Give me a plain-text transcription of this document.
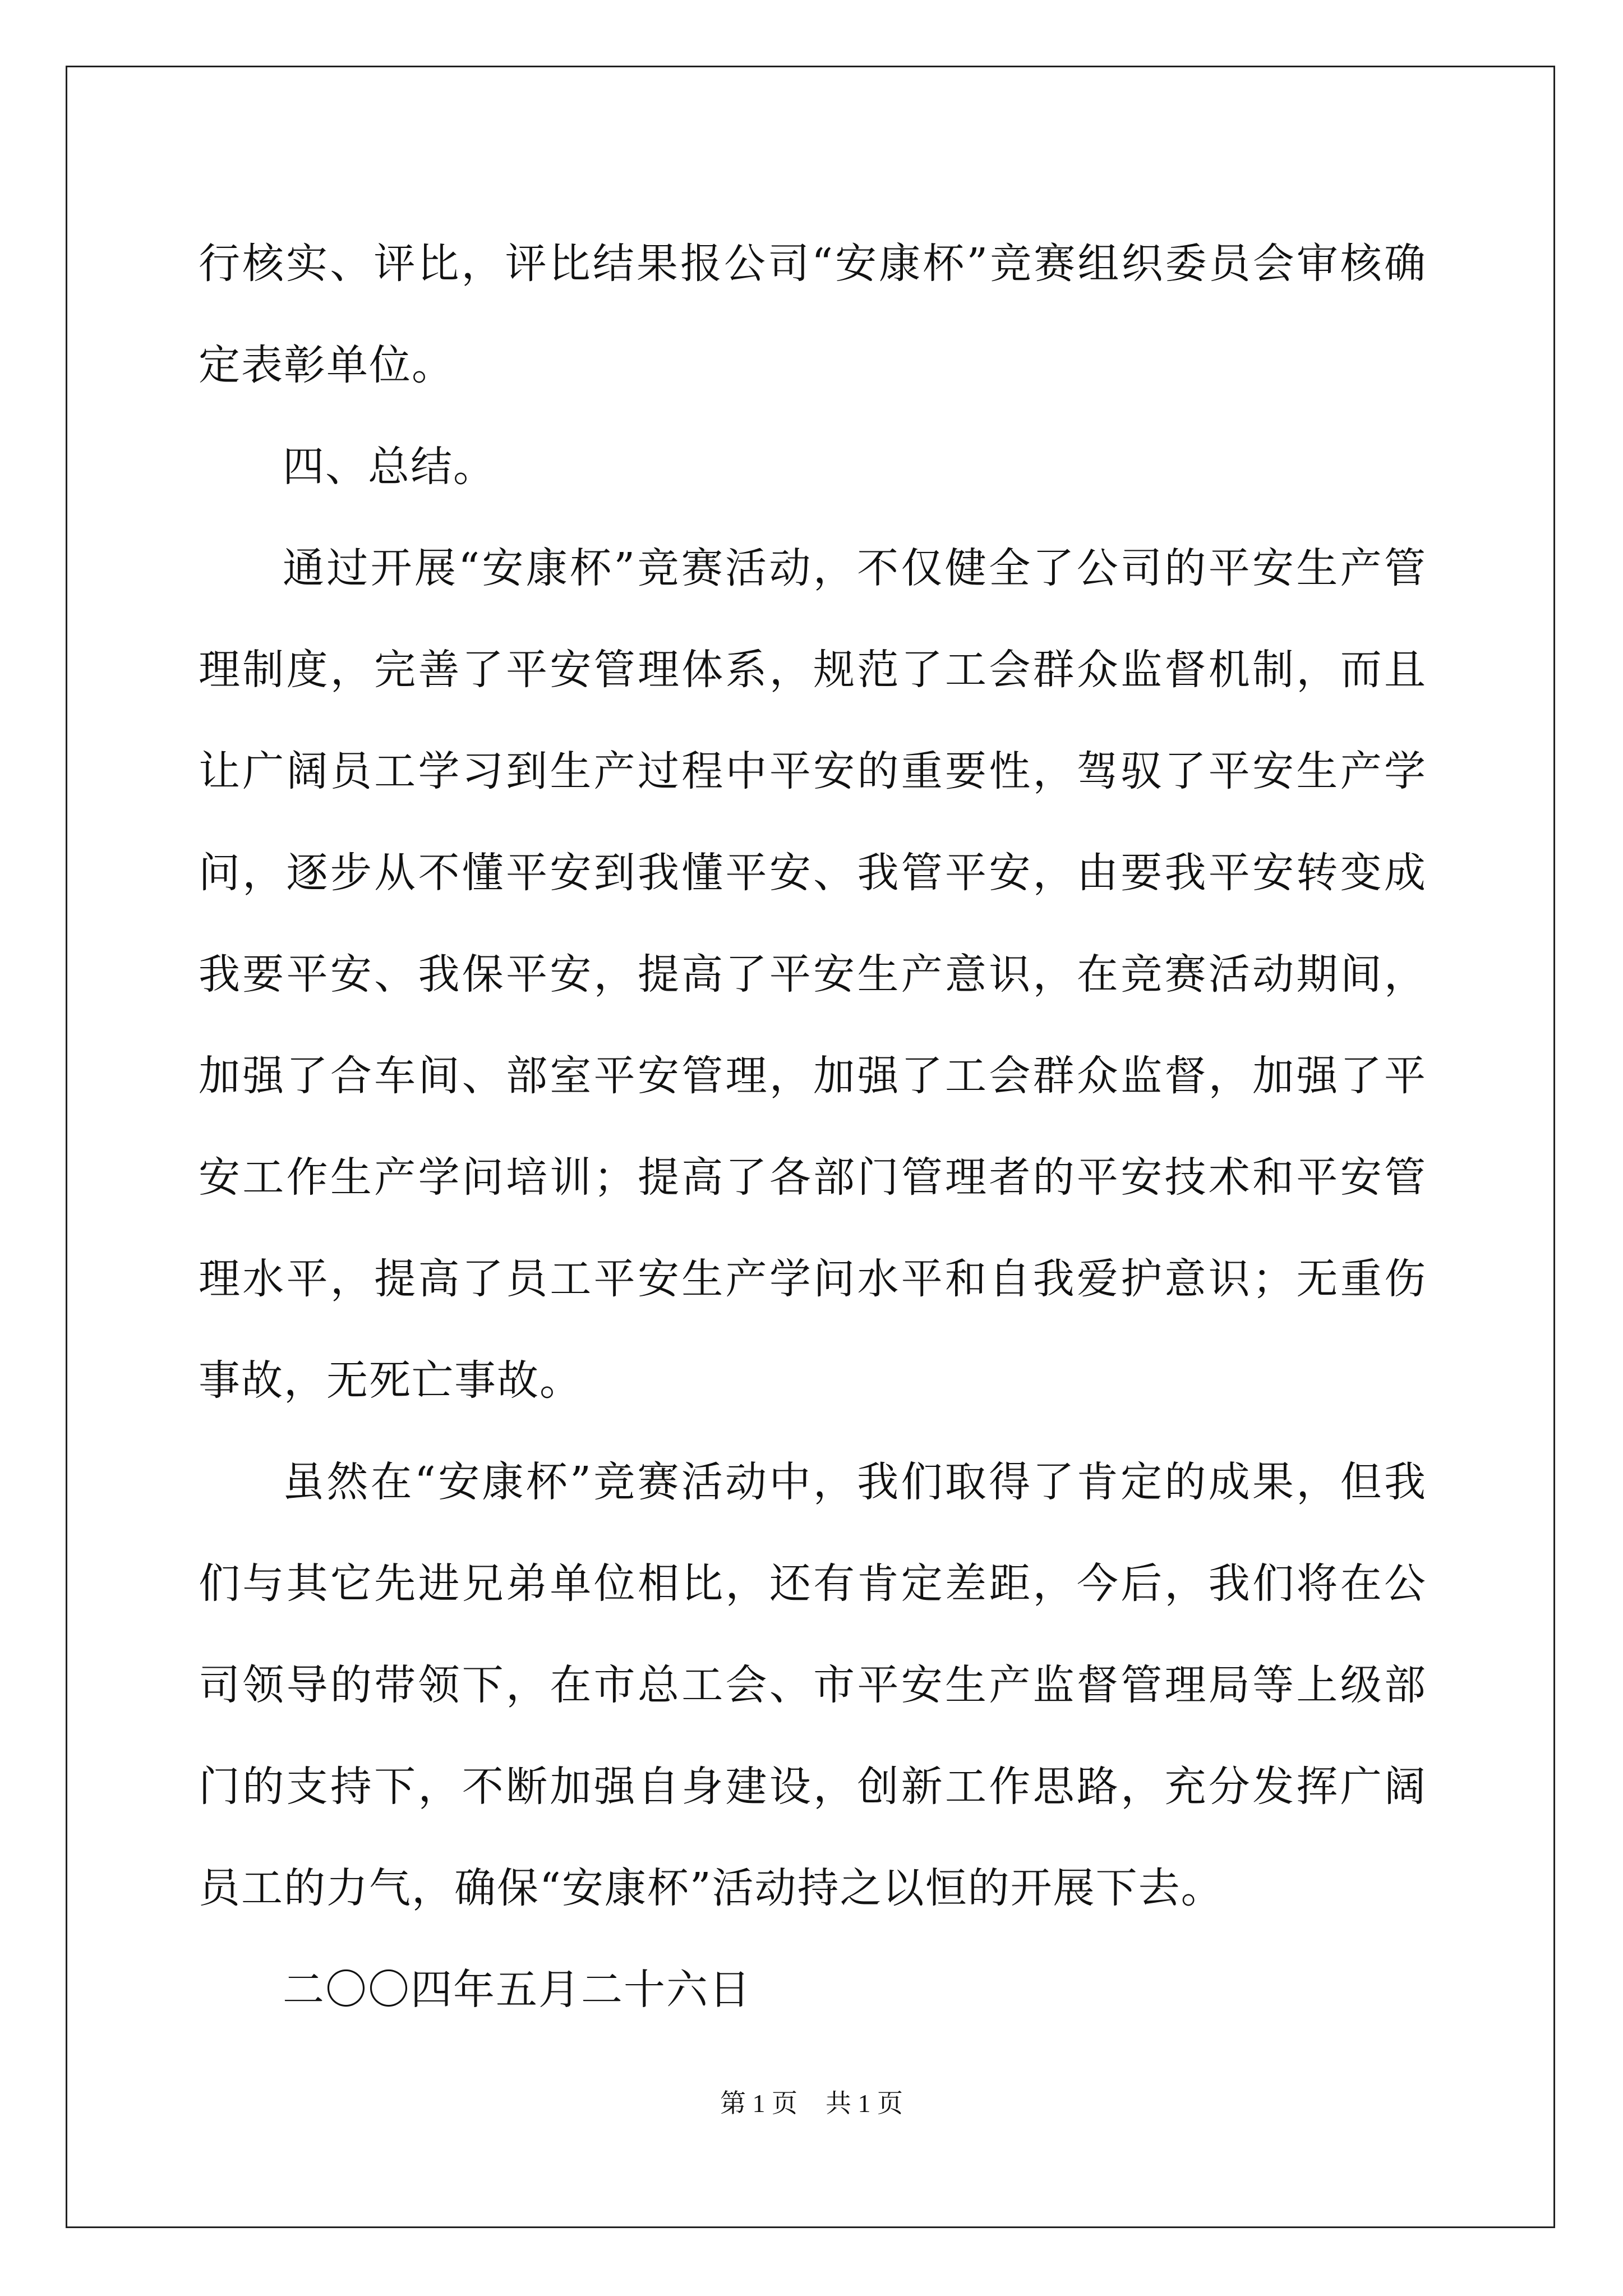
行核实、评比，评比结果报公司“安康杯”竞赛组织委员会审核确定表彰单位。

四、总结。

通过开展“安康杯”竞赛活动，不仅健全了公司的平安生产管理制度，完善了平安管理体系，规范了工会群众监督机制，而且让广阔员工学习到生产过程中平安的重要性，驾驭了平安生产学问，逐步从不懂平安到我懂平安、我管平安，由要我平安转变成我要平安、我保平安，提高了平安生产意识，在竞赛活动期间，加强了合车间、部室平安管理，加强了工会群众监督，加强了平安工作生产学问培训；提高了各部门管理者的平安技术和平安管理水平，提高了员工平安生产学问水平和自我爱护意识；无重伤事故，无死亡事故。

虽然在“安康杯”竞赛活动中，我们取得了肯定的成果，但我们与其它先进兄弟单位相比，还有肯定差距，今后，我们将在公司领导的带领下，在市总工会、市平安生产监督管理局等上级部门的支持下，不断加强自身建设，创新工作思路，充分发挥广阔员工的力气，确保“安康杯”活动持之以恒的开展下去。

二〇〇四年五月二十六日

第 1 页 共 1 页
